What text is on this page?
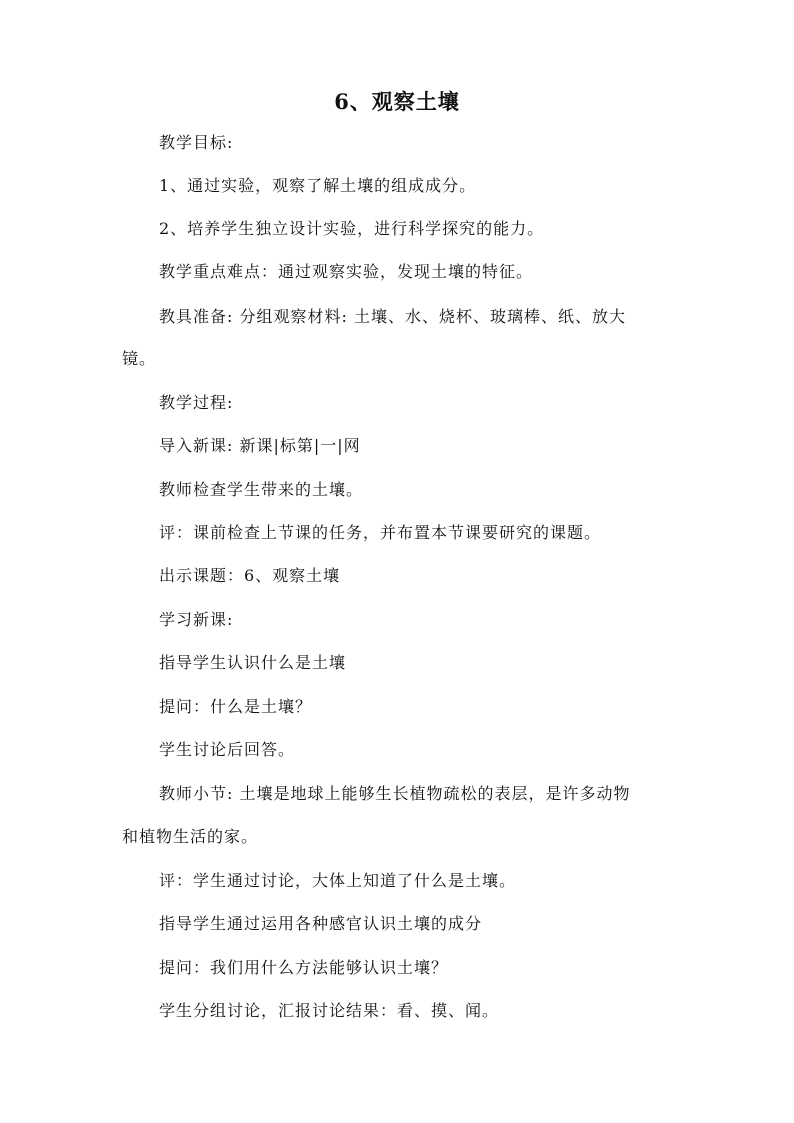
6、观察土壤
教学目标:
1、通过实验，观察了解土壤的组成成分。
2、培养学生独立设计实验，进行科学探究的能力。
教学重点难点：通过观察实验，发现土壤的特征。
教具准备: 分组观察材料: 土壤、水、烧杯、玻璃棒、纸、放大
镜。
教学过程:
导入新课: 新课|标第|一|网
教师检查学生带来的土壤。
评：课前检查上节课的任务，并布置本节课要研究的课题。
出示课题：6、观察土壤
学习新课:
指导学生认识什么是土壤
提问：什么是土壤？
学生讨论后回答。
教师小节: 土壤是地球上能够生长植物疏松的表层，是许多动物
和植物生活的家。
评：学生通过讨论，大体上知道了什么是土壤。
指导学生通过运用各种感官认识土壤的成分
提问：我们用什么方法能够认识土壤？
学生分组讨论，汇报讨论结果：看、摸、闻。
